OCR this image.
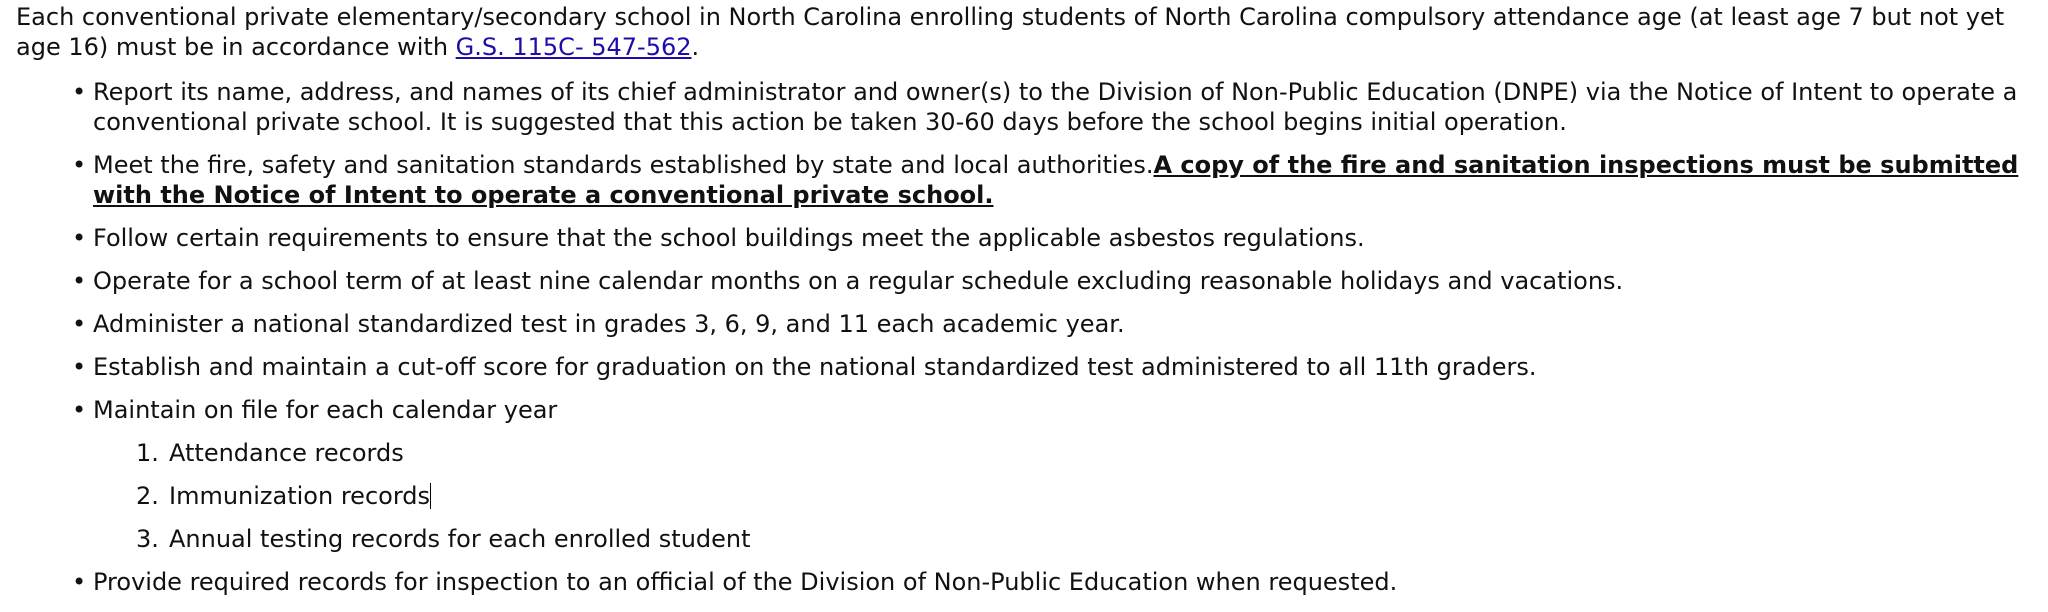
Each conventional private elementary/secondary school in North Carolina enrolling students of North Carolina compulsory attendance age (at least age 7 but not yet age 16) must be in accordance with G.S. 115C- 547-562.

• Report its name, address, and names of its chief administrator and owner(s) to the Division of Non-Public Education (DNPE) via the Notice of Intent to operate a conventional private school. It is suggested that this action be taken 30-60 days before the school begins initial operation.
• Meet the fire, safety and sanitation standards established by state and local authorities.A copy of the fire and sanitation inspections must be submitted with the Notice of Intent to operate a conventional private school.
• Follow certain requirements to ensure that the school buildings meet the applicable asbestos regulations.
• Operate for a school term of at least nine calendar months on a regular schedule excluding reasonable holidays and vacations.
• Administer a national standardized test in grades 3, 6, 9, and 11 each academic year.
• Establish and maintain a cut-off score for graduation on the national standardized test administered to all 11th graders.
• Maintain on file for each calendar year
1. Attendance records
2. Immunization records
3. Annual testing records for each enrolled student
• Provide required records for inspection to an official of the Division of Non-Public Education when requested.
